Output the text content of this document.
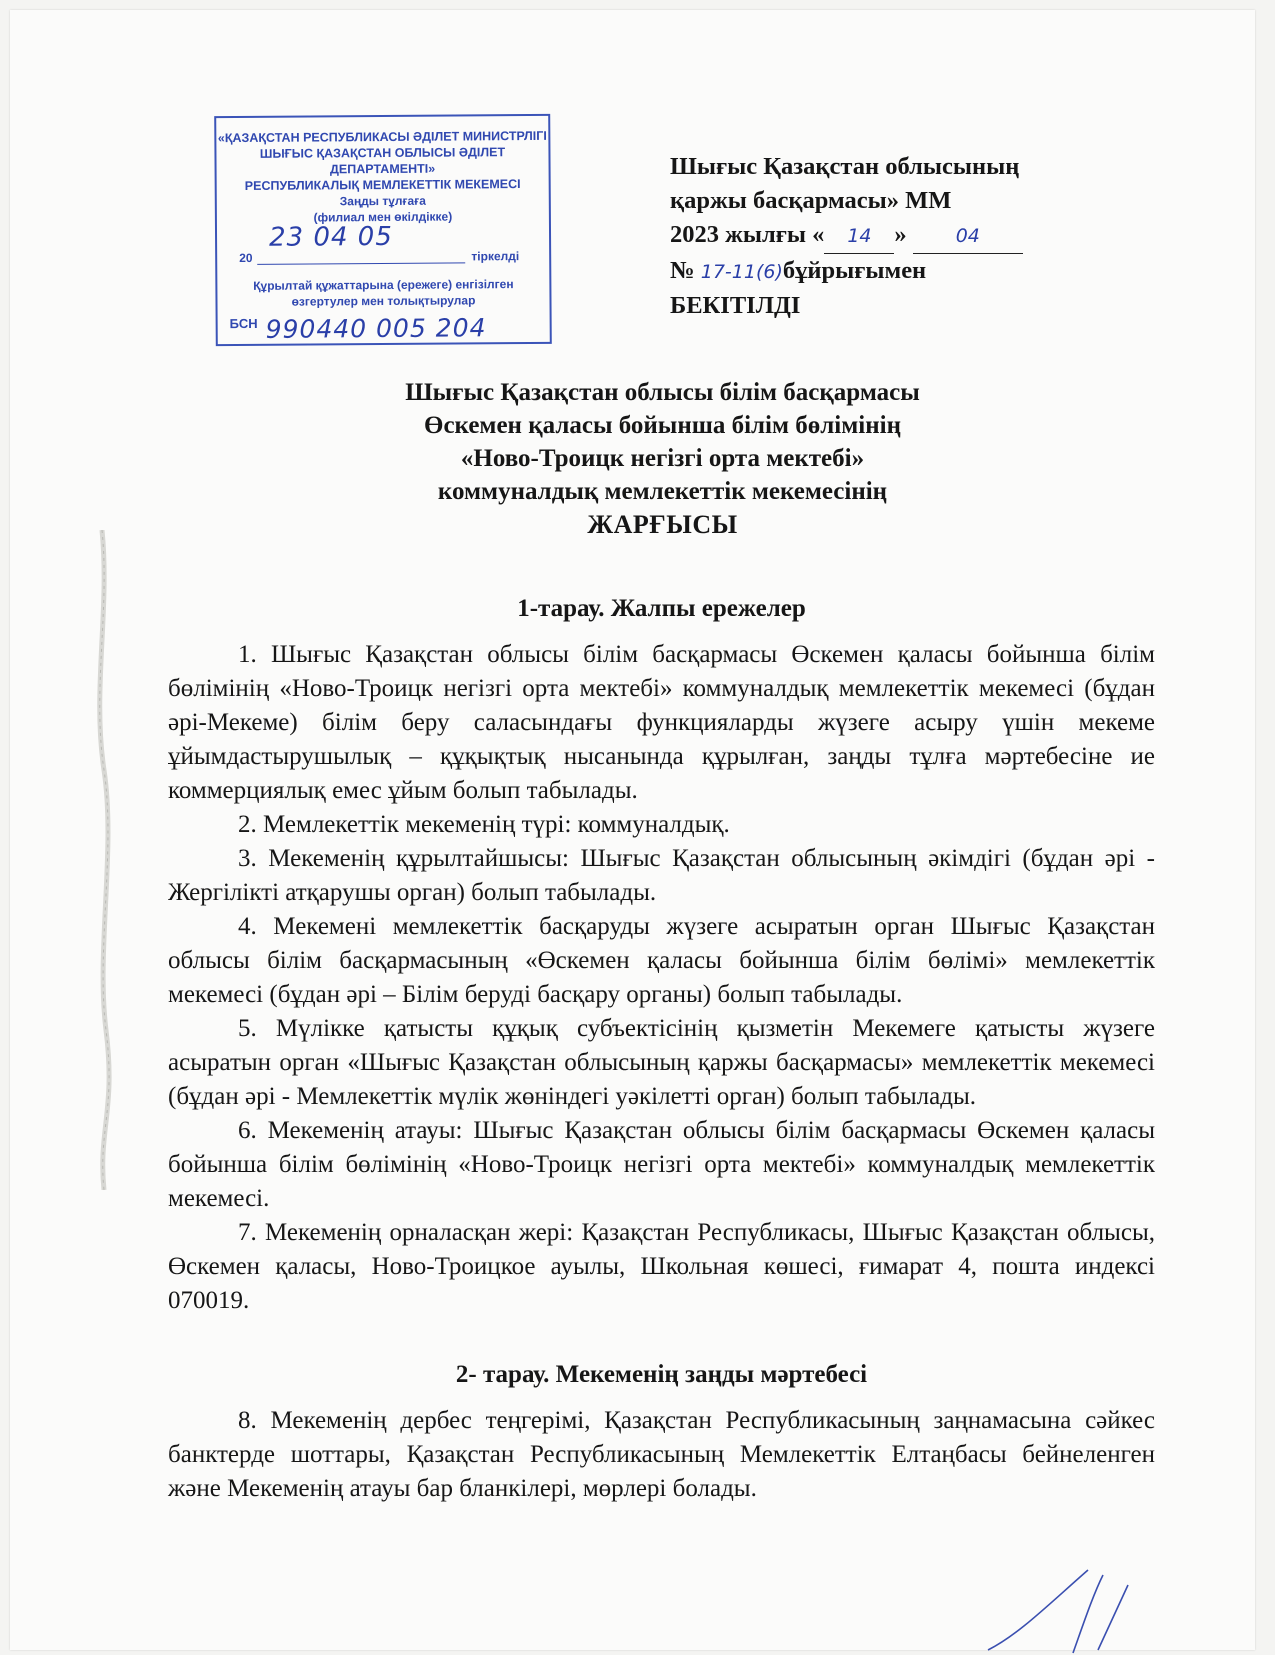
«ҚАЗАҚСТАН РЕСПУБЛИКАСЫ ӘДІЛЕТ МИНИСТРЛІГІ
ШЫҒЫС ҚАЗАҚСТАН ОБЛЫСЫ ӘДІЛЕТ ДЕПАРТАМЕНТІ»
РЕСПУБЛИКАЛЫҚ МЕМЛЕКЕТТІК МЕКЕМЕСІ
Заңды тұлғаға
(филиал мен өкілдікке)
20
23 04 05
тіркелді
Құрылтай құжаттарына (ережеге) енгізілген
өзгертулер мен толықтырулар
БСН 990440 005 204
Шығыс Қазақстан облысының
қаржы басқармасы» ММ
2023 жылғы « 14 »	04
№ 17-11(6)бұйрығымен
БЕКІТІЛДІ
Шығыс Қазақстан облысы білім басқармасы
Өскемен қаласы бойынша білім бөлімінің
«Ново-Троицк негізгі орта мектебі»
коммуналдық мемлекеттік мекемесінің
ЖАРҒЫСЫ
1-тарау. Жалпы ережелер

1. Шығыс Қазақстан облысы білім басқармасы Өскемен қаласы бойынша білім бөлімінің «Ново-Троицк негізгі орта мектебі» коммуналдық мемлекеттік мекемесі (бұдан әрі-Мекеме) білім беру саласындағы функцияларды жүзеге асыру үшін мекеме ұйымдастырушылық – құқықтық нысанында құрылған, заңды тұлға мәртебесіне ие коммерциялық емес ұйым болып табылады.

2. Мемлекеттік мекеменің түрі: коммуналдық.

3. Мекеменің құрылтайшысы: Шығыс Қазақстан облысының әкімдігі (бұдан әрі - Жергілікті атқарушы орган) болып табылады.

4. Мекемені мемлекеттік басқаруды жүзеге асыратын орган Шығыс Қазақстан облысы білім басқармасының «Өскемен қаласы бойынша білім бөлімі» мемлекеттік мекемесі (бұдан әрі – Білім беруді басқару органы) болып табылады.

5. Мүлікке қатысты құқық субъектісінің қызметін Мекемеге қатысты жүзеге асыратын орган «Шығыс Қазақстан облысының қаржы басқармасы» мемлекеттік мекемесі (бұдан әрі - Мемлекеттік мүлік жөніндегі уәкілетті орган) болып табылады.

6. Мекеменің атауы: Шығыс Қазақстан облысы білім басқармасы Өскемен қаласы бойынша білім бөлімінің «Ново-Троицк негізгі орта мектебі» коммуналдық мемлекеттік мекемесі.

7. Мекеменің орналасқан жері: Қазақстан Республикасы, Шығыс Қазақстан облысы, Өскемен қаласы, Ново-Троицкое ауылы, Школьная көшесі, ғимарат 4, пошта индексі 070019.

2- тарау. Мекеменің заңды мәртебесі

8. Мекеменің дербес теңгерімі, Қазақстан Республикасының заңнамасына сәйкес банктерде шоттары, Қазақстан Республикасының Мемлекеттік Елтаңбасы бейнеленген және Мекеменің атауы бар бланкілері, мөрлері болады.
